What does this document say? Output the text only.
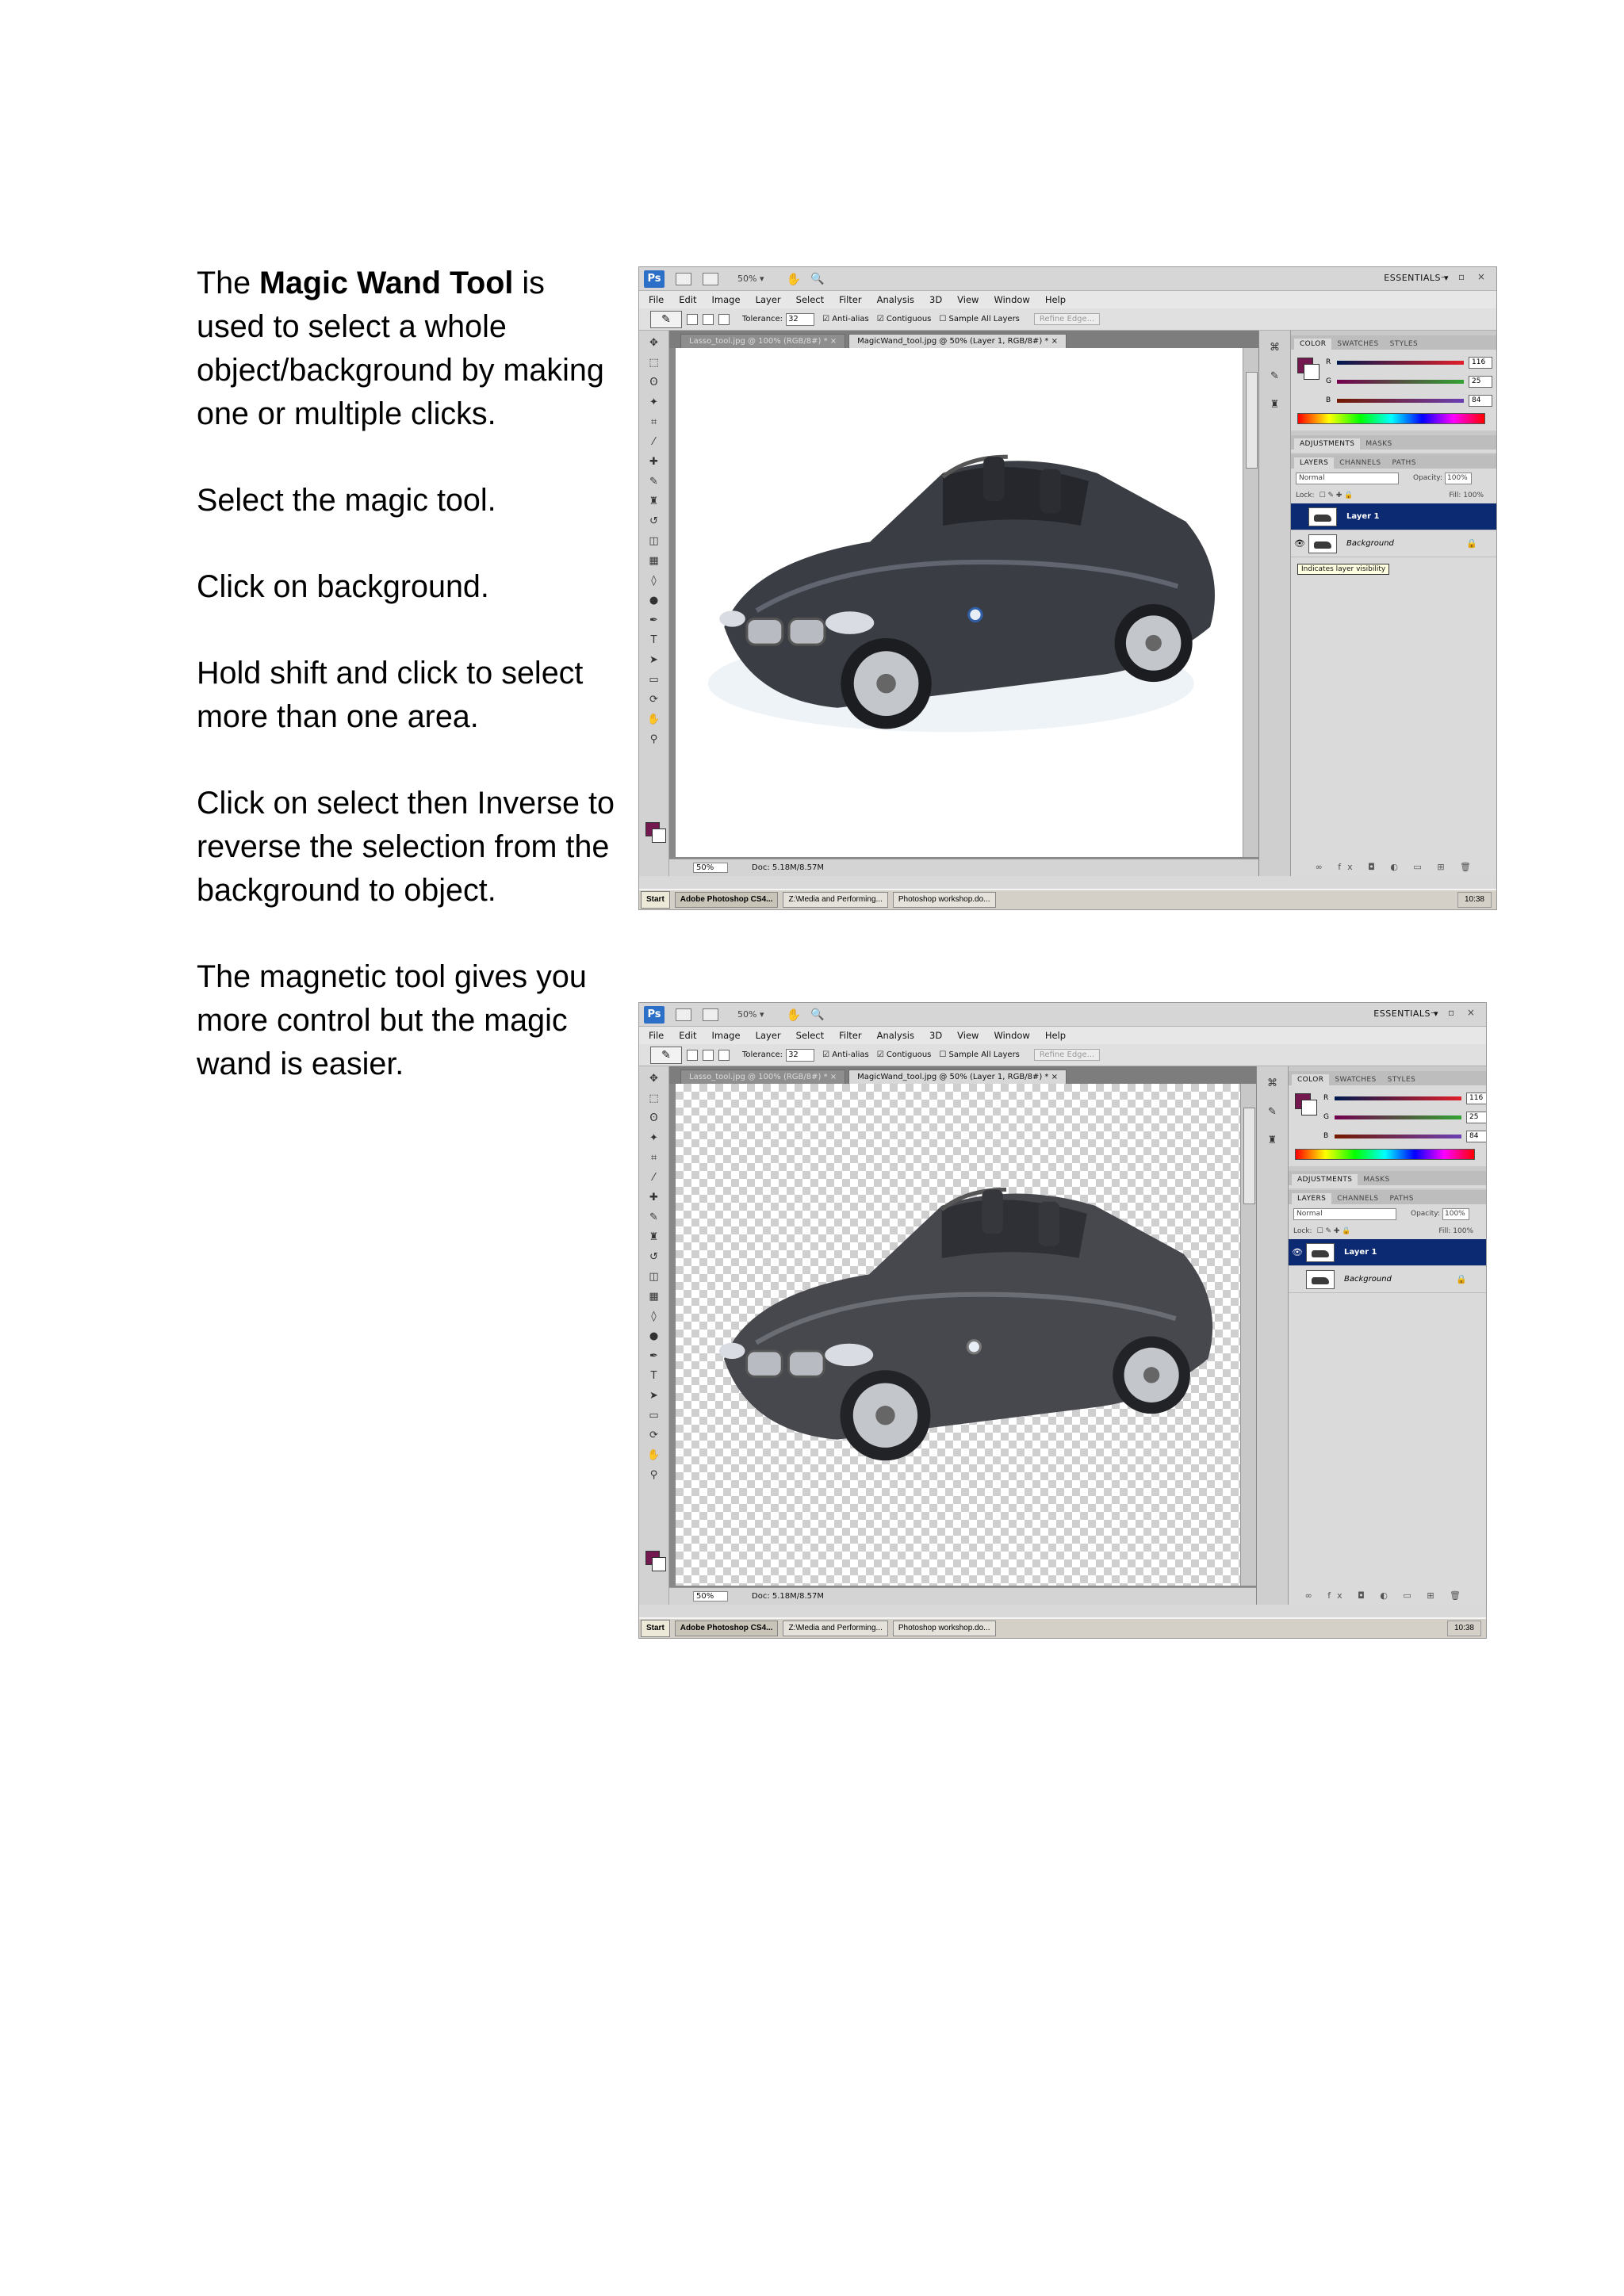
The Magic Wand Tool is used to select a whole object/background by making one or multiple clicks.

Select the magic tool.

Click on background.

Hold shift and click to select more than one area.

Click on select then Inverse to reverse the selection from the background to object.

The magnetic tool gives you more control but the magic wand is easier.

Ps	50% ▾ ✋ 🔍	ESSENTIALS ▾
– ▫ ×
File Edit Image Layer Select Filter Analysis 3D View Window Help
✎	Tolerance: 32	☑ Anti-alias	☑ Contiguous	☐ Sample All Layers	Refine Edge...
✥
⬚
ʘ
✦
⌗
⁄
✚
✎
♜
↺
◫
▦
◊
●
✒
T
➤
▭
⟳
✋
⚲
Lasso_tool.jpg @ 100% (RGB/8#) * ×	MagicWand_tool.jpg @ 50% (Layer 1, RGB/8#) * ×
50%	Doc: 5.18M/8.57M
⌘
✎
♜
COLOR	SWATCHES	STYLES
R	116
G	25
B	84
ADJUSTMENTS	MASKS
LAYERS	CHANNELS	PATHS
Normal	Opacity: 100%
Lock: ☐ ✎ ✚ 🔒	Fill: 100%
Layer 1
👁	Background	🔒
Indicates layer visibility
∞ fx ◘ ◐ ▭ ⊞ 🗑
Start	Adobe Photoshop CS4...	Z:\Media and Performing...	Photoshop workshop.do...	10:38
Ps	50% ▾ ✋ 🔍	ESSENTIALS ▾
– ▫ ×
File Edit Image Layer Select Filter Analysis 3D View Window Help
✎	Tolerance: 32	☑ Anti-alias	☑ Contiguous	☐ Sample All Layers	Refine Edge...
✥
⬚
ʘ
✦
⌗
⁄
✚
✎
♜
↺
◫
▦
◊
●
✒
T
➤
▭
⟳
✋
⚲
Lasso_tool.jpg @ 100% (RGB/8#) * ×	MagicWand_tool.jpg @ 50% (Layer 1, RGB/8#) * ×
50%	Doc: 5.18M/8.57M
⌘
✎
♜
COLOR	SWATCHES	STYLES
R	116
G	25
B	84
ADJUSTMENTS	MASKS
LAYERS	CHANNELS	PATHS
Normal	Opacity: 100%
Lock: ☐ ✎ ✚ 🔒	Fill: 100%
👁	Layer 1
Background	🔒
∞ fx ◘ ◐ ▭ ⊞ 🗑
Start	Adobe Photoshop CS4...	Z:\Media and Performing...	Photoshop workshop.do...	10:38
